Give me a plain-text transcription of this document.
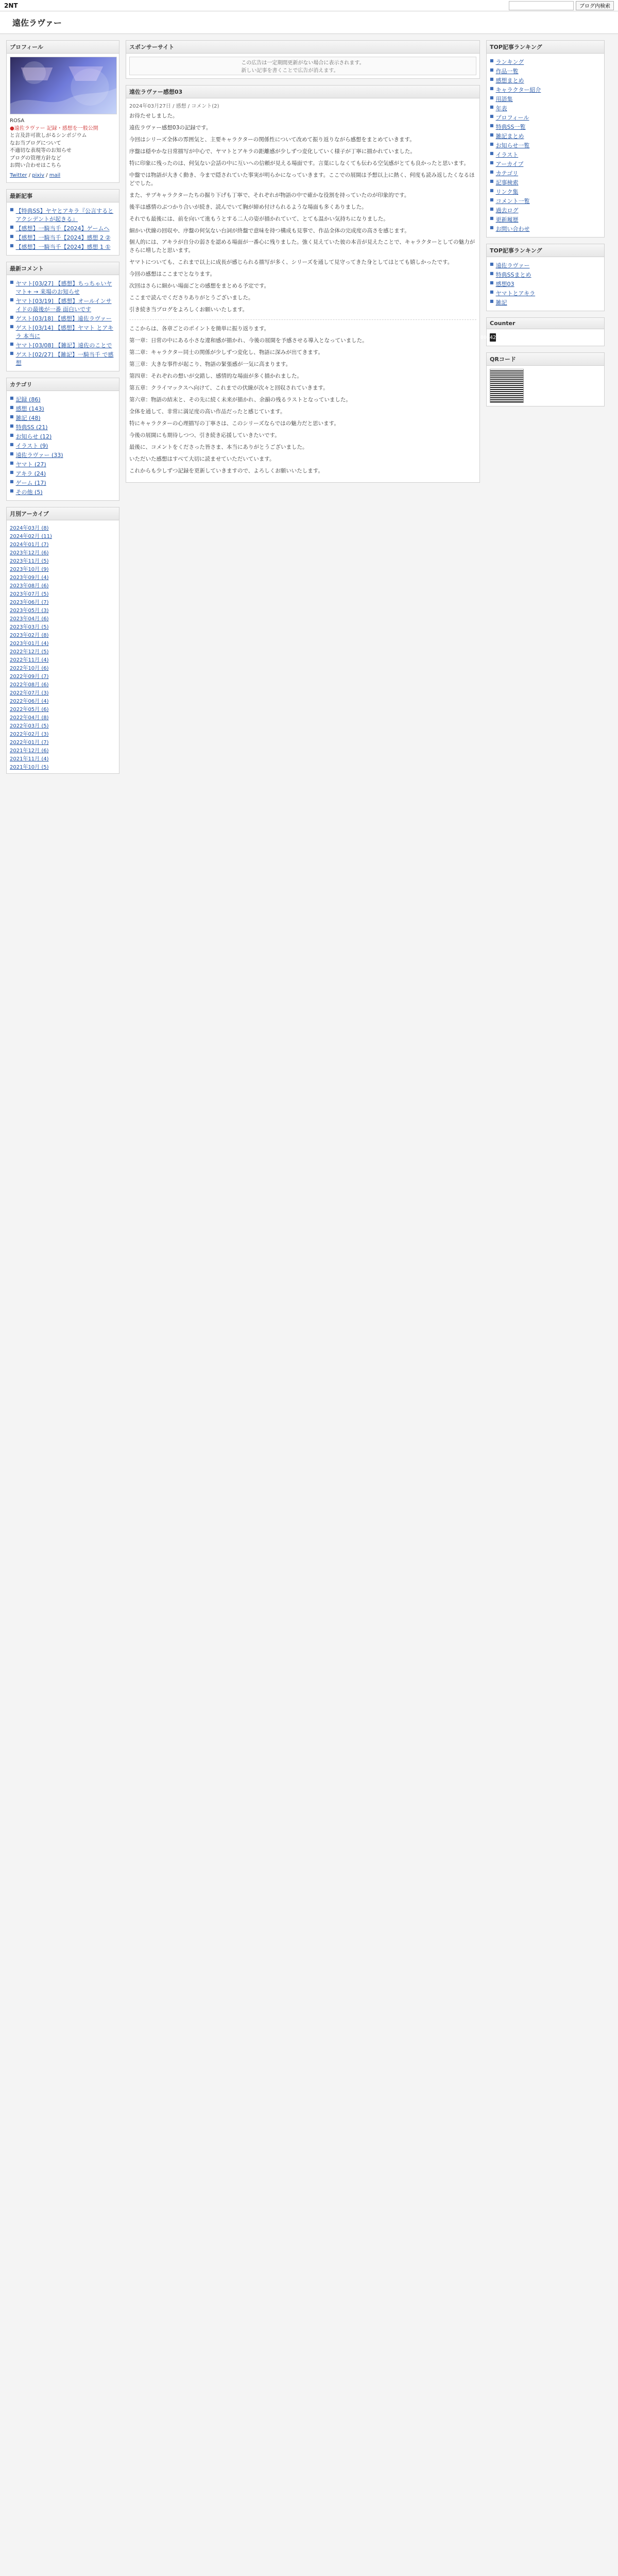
2NT	ブログ内検索
遠佐ラヴァー
プロフィール
ROSA
●遠佐ラヴァー 記録・感想を一般公開
と言及許可欲しがるシンポジウム
なお当ブログについて
不適切な表現等のお知らせ
ブログの管理方針など
お問い合わせはこちら
Twitter / pixiv / mail
最新記事
■ 【特典SS】ヤヤとアキラ『公言するとアクシデントが起きる』
■ 【感想】一騎当千【2024】ゲームへ
■ 【感想】一騎当千【2024】感想 2 ②
■ 【感想】一騎当千【2024】感想 1 ①
最新コメント
■ ヤマト[03/27] 【感想】ちっちゃいヤマト+ → 来場のお知らせ
■ ヤマト[03/19] 【感想】オールインサイドの最後が一番 面白いです
■ ゲスト[03/18] 【感想】遠佐ラヴァー
■ ゲスト[03/14] 【感想】ヤマト とアキラ 本当に
■ ヤマト[03/08] 【雑記】遠佐のことで
■ ゲスト[02/27] 【雑記】一騎当千 で感想
カテゴリ
■ 記録 (86)
■ 感想 (143)
■ 雑記 (48)
■ 特典SS (21)
■ お知らせ (12)
■ イラスト (9)
■ 遠佐ラヴァー (33)
■ ヤマト (27)
■ アキラ (24)
■ ゲーム (17)
■ その他 (5)
月別アーカイブ
2024年03月 (8)
2024年02月 (11)
2024年01月 (7)
2023年12月 (6)
2023年11月 (5)
2023年10月 (9)
2023年09月 (4)
2023年08月 (6)
2023年07月 (5)
2023年06月 (7)
2023年05月 (3)
2023年04月 (6)
2023年03月 (5)
2023年02月 (8)
2023年01月 (4)
2022年12月 (5)
2022年11月 (4)
2022年10月 (6)
2022年09月 (7)
2022年08月 (6)
2022年07月 (3)
2022年06月 (4)
2022年05月 (6)
2022年04月 (8)
2022年03月 (5)
2022年02月 (3)
2022年01月 (7)
2021年12月 (6)
2021年11月 (4)
2021年10月 (5)
スポンサーサイト
この広告は一定期間更新がない場合に表示されます。
新しい記事を書くことで広告が消えます。
遠佐ラヴァー感想03
2024年03月27日 / 感想 / コメント(2)

お待たせしました。

遠佐ラヴァー感想03の記録です。

今回はシリーズ全体の雰囲気と、主要キャラクターの関係性について改めて振り返りながら感想をまとめていきます。

序盤は穏やかな日常描写が中心で、ヤマトとアキラの距離感が少しずつ変化していく様子が丁寧に描かれていました。

特に印象に残ったのは、何気ない会話の中に互いへの信頼が見える場面です。言葉にしなくても伝わる空気感がとても良かったと思います。

中盤では物語が大きく動き、今まで隠されていた事実が明らかになっていきます。ここでの展開は予想以上に熱く、何度も読み返したくなるほどでした。

また、サブキャラクターたちの掘り下げも丁寧で、それぞれが物語の中で確かな役割を持っていたのが印象的です。

後半は感情のぶつかり合いが続き、読んでいて胸が締め付けられるような場面も多くありました。

それでも最後には、前を向いて進もうとする二人の姿が描かれていて、とても温かい気持ちになりました。

細かい伏線の回収や、序盤の何気ない台詞が終盤で意味を持つ構成も見事で、作品全体の完成度の高さを感じます。

個人的には、アキラが自分の弱さを認める場面が一番心に残りました。強く見えていた彼の本音が見えたことで、キャラクターとしての魅力がさらに増したと思います。

ヤマトについても、これまで以上に成長が感じられる描写が多く、シリーズを通して見守ってきた身としてはとても嬉しかったです。

今回の感想はここまでとなります。

次回はさらに細かい場面ごとの感想をまとめる予定です。

ここまで読んでくださりありがとうございました。

引き続き当ブログをよろしくお願いいたします。

ここからは、各章ごとのポイントを簡単に振り返ります。

第一章：日常の中にある小さな違和感が描かれ、今後の展開を予感させる導入となっていました。

第二章：キャラクター同士の関係が少しずつ変化し、物語に深みが出てきます。

第三章：大きな事件が起こり、物語の緊張感が一気に高まります。

第四章：それぞれの想いが交錯し、感情的な場面が多く描かれました。

第五章：クライマックスへ向けて、これまでの伏線が次々と回収されていきます。

第六章：物語の結末と、その先に続く未来が描かれ、余韻の残るラストとなっていました。

全体を通して、非常に満足度の高い作品だったと感じています。

特にキャラクターの心理描写の丁寧さは、このシリーズならではの魅力だと思います。

今後の展開にも期待しつつ、引き続き応援していきたいです。

最後に、コメントをくださった皆さま、本当にありがとうございました。

いただいた感想はすべて大切に読ませていただいています。

これからも少しずつ記録を更新していきますので、よろしくお願いいたします。

TOP記事ランキング
■ ランキング
■ 作品一覧
■ 感想まとめ
■ キャラクター紹介
■ 用語集
■ 年表
■ プロフィール
■ 特典SS一覧
■ 雑記まとめ
■ お知らせ一覧
■ イラスト
■ アーカイブ
■ カテゴリ
■ 記事検索
■ リンク集
■ コメント一覧
■ 過去ログ
■ 更新履歴
■ お問い合わせ
TOP記事ランキング
■ 遠佐ラヴァー
■ 特典SSまとめ
■ 感想03
■ ヤマトとアキラ
■ 雑記
Counter
00142597
QRコード
